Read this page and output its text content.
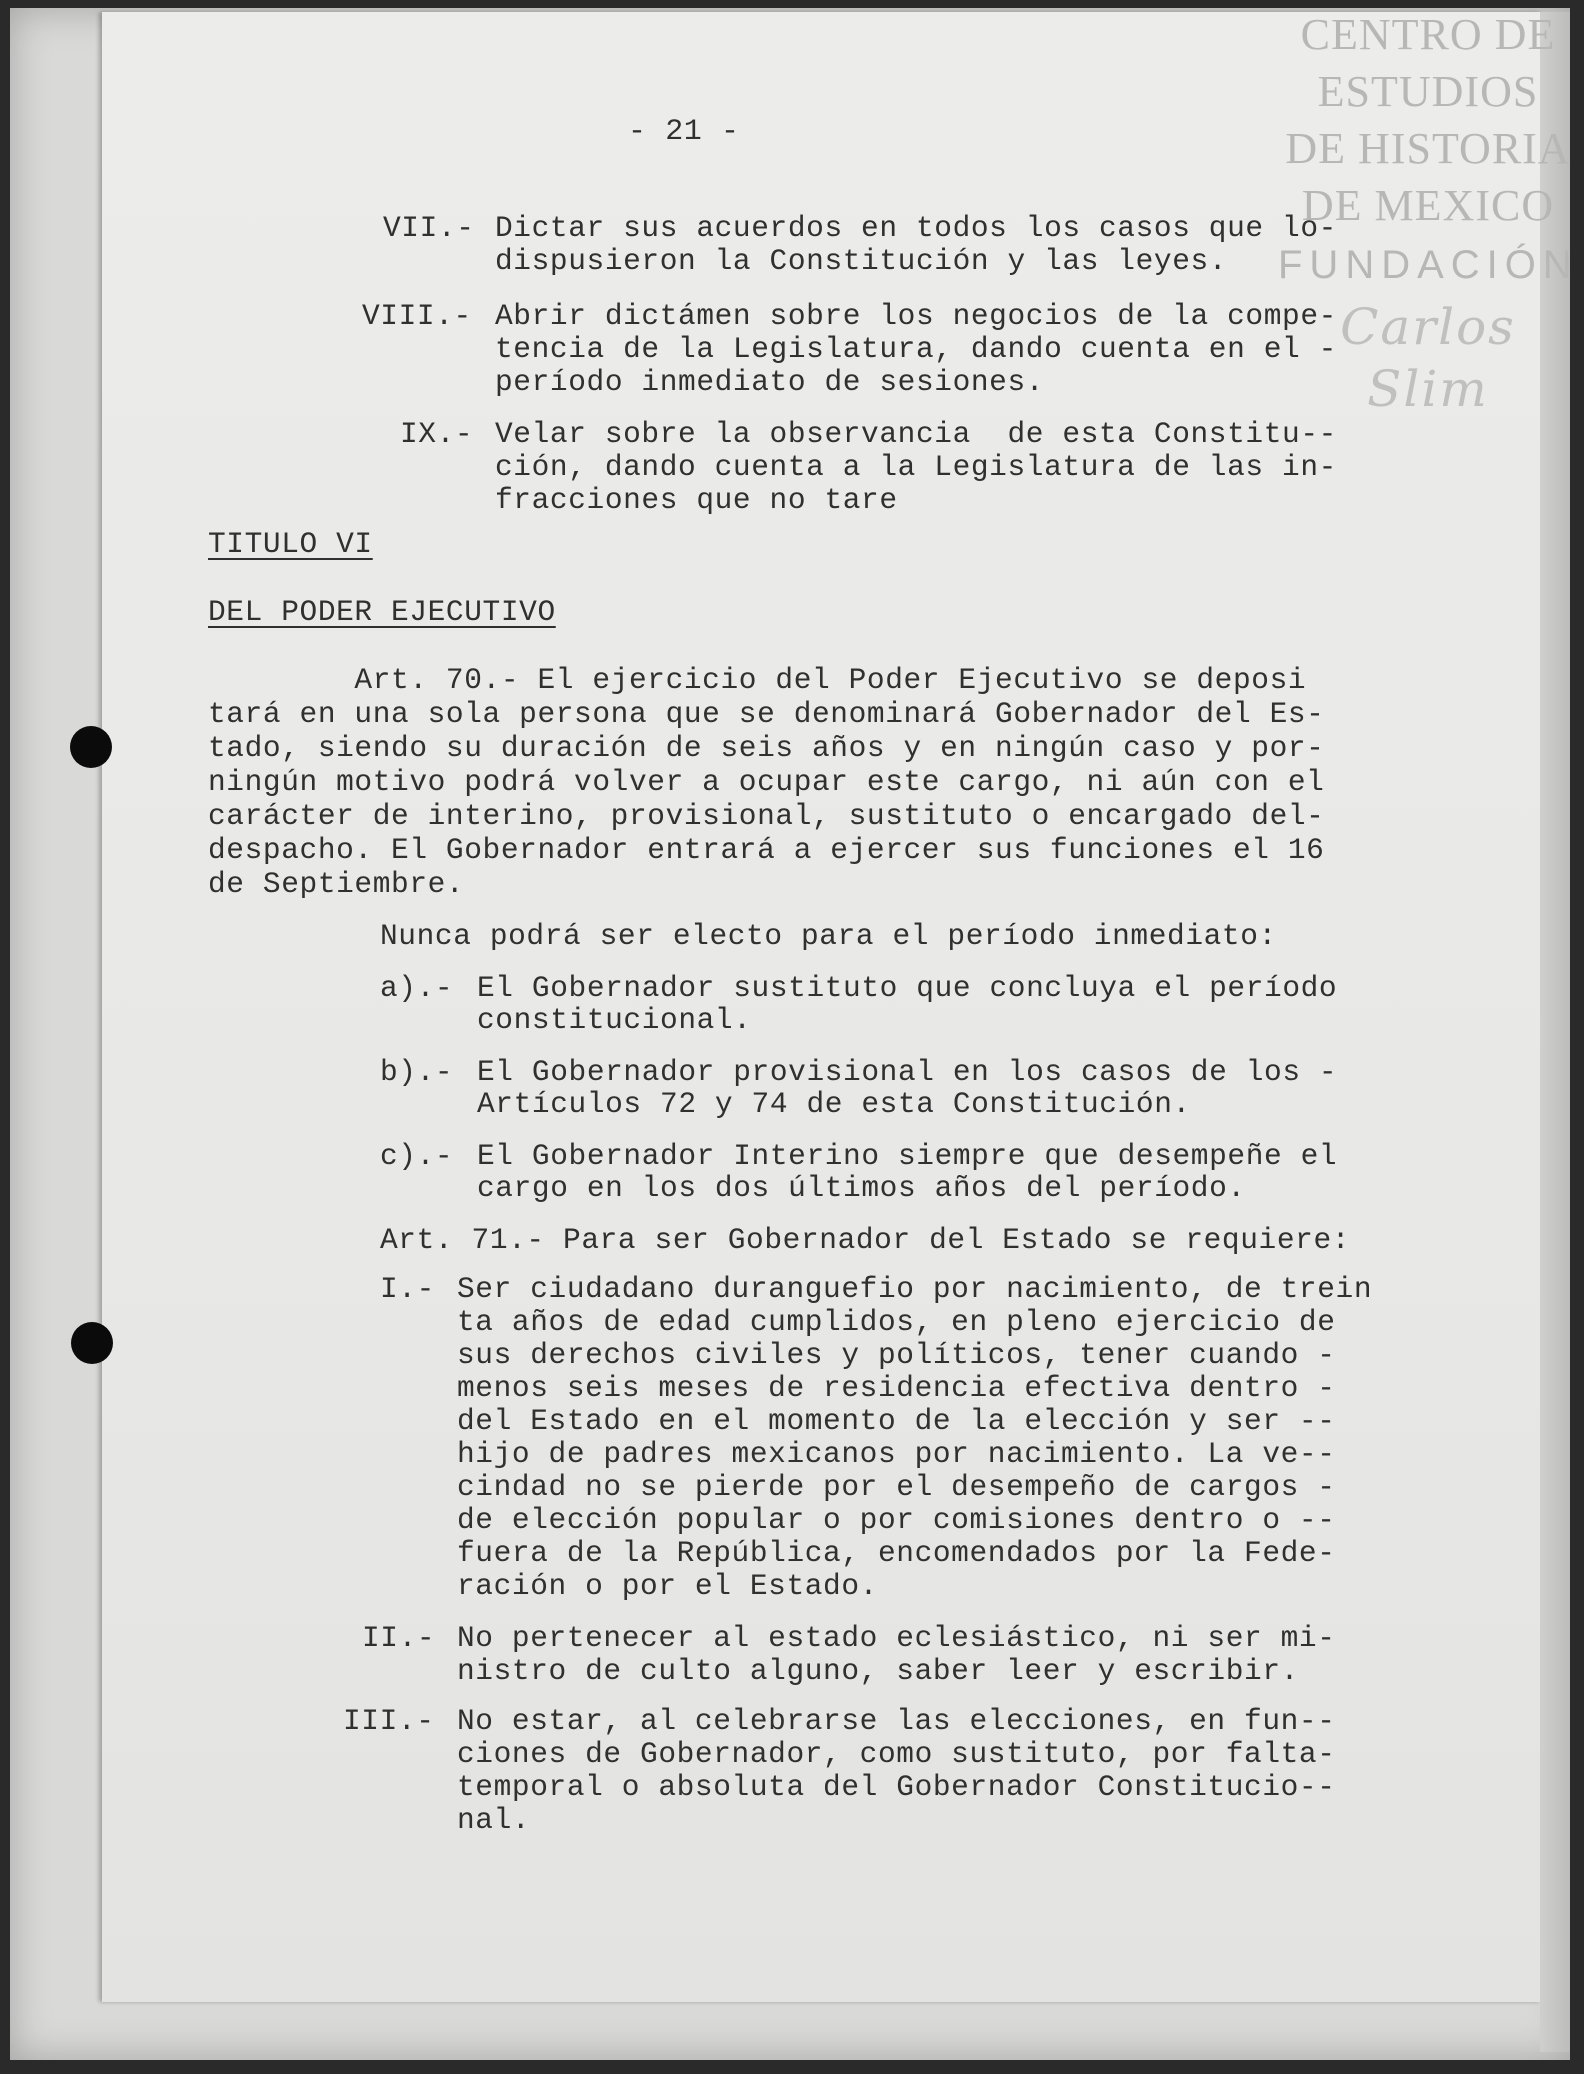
CENTRO DE
ESTUDIOS
DE HISTORIA
DE MEXICO
FUNDACIÓN
Carlos Slim
- 21 -
VII.- Dictar sus acuerdos en todos los casos que lo-
dispusieron la Constitución y las leyes.
VIII.- Abrir dictámen sobre los negocios de la compe-
tencia de la Legislatura, dando cuenta en el -
período inmediato de sesiones.
IX.- Velar sobre la observancia  de esta Constitu--
ción, dando cuenta a la Legislatura de las in-
fracciones que no tare
TITULO VI
DEL PODER EJECUTIVO
Art. 70.- El ejercicio del Poder Ejecutivo se deposi
tará en una sola persona que se denominará Gobernador del Es-
tado, siendo su duración de seis años y en ningún caso y por-
ningún motivo podrá volver a ocupar este cargo, ni aún con el
carácter de interino, provisional, sustituto o encargado del-
despacho. El Gobernador entrará a ejercer sus funciones el 16
de Septiembre.
Nunca podrá ser electo para el período inmediato:
a).- El Gobernador sustituto que concluya el período
constitucional.
b).- El Gobernador provisional en los casos de los -
Artículos 72 y 74 de esta Constitución.
c).- El Gobernador Interino siempre que desempeñe el
cargo en los dos últimos años del período.
Art. 71.- Para ser Gobernador del Estado se requiere:
I.- Ser ciudadano duranguefio por nacimiento, de trein
ta años de edad cumplidos, en pleno ejercicio de
sus derechos civiles y políticos, tener cuando -
menos seis meses de residencia efectiva dentro -
del Estado en el momento de la elección y ser --
hijo de padres mexicanos por nacimiento. La ve--
cindad no se pierde por el desempeño de cargos -
de elección popular o por comisiones dentro o --
fuera de la República, encomendados por la Fede-
ración o por el Estado.
II.- No pertenecer al estado eclesiástico, ni ser mi-
nistro de culto alguno, saber leer y escribir.
III.- No estar, al celebrarse las elecciones, en fun--
ciones de Gobernador, como sustituto, por falta-
temporal o absoluta del Gobernador Constitucio--
nal.
